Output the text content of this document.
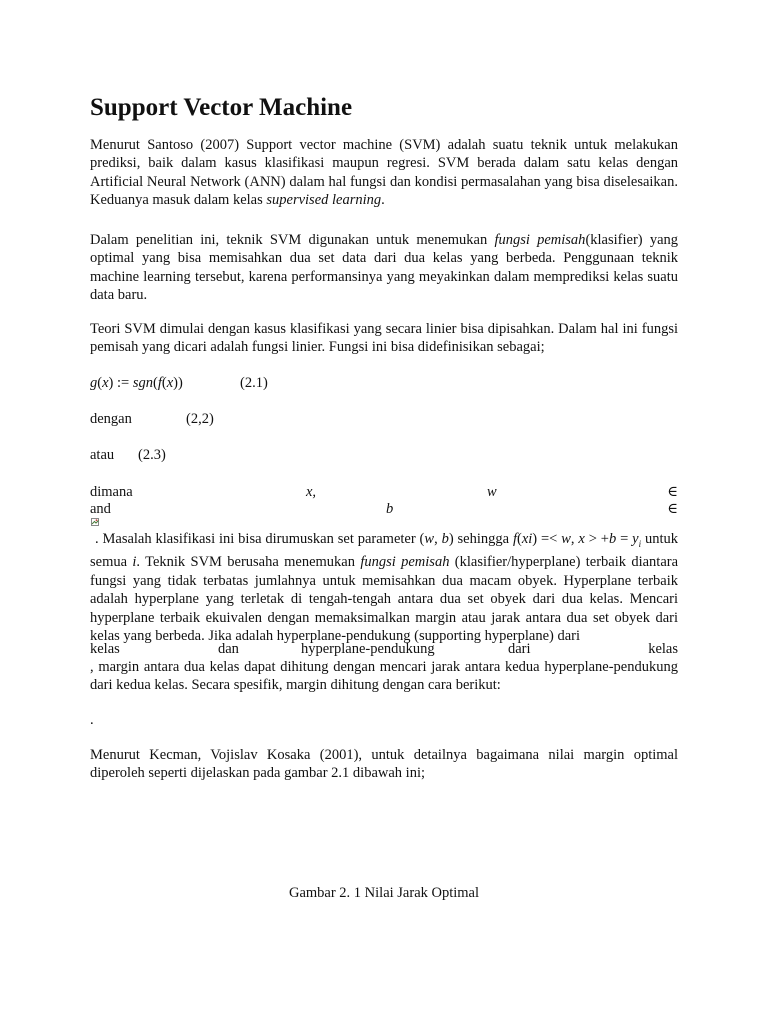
Support Vector Machine

Menurut Santoso (2007) Support vector machine (SVM) adalah suatu teknik untuk melakukan prediksi, baik dalam kasus klasifikasi maupun regresi. SVM berada dalam satu kelas dengan Artificial Neural Network (ANN) dalam hal fungsi dan kondisi permasalahan yang bisa diselesaikan. Keduanya masuk dalam kelas supervised learning.

Dalam penelitian ini, teknik SVM digunakan untuk menemukan fungsi pemisah(klasifier) yang optimal yang bisa memisahkan dua set data dari dua kelas yang berbeda. Penggunaan teknik machine learning tersebut, karena performansinya yang meyakinkan dalam memprediksi kelas suatu data baru.

Teori SVM dimulai dengan kasus klasifikasi yang secara linier bisa dipisahkan. Dalam hal ini fungsi pemisah yang dicari adalah fungsi linier. Fungsi ini bisa didefinisikan sebagai;

g(x) := sgn(f(x))	(2.1)
dengan	(2,2)
atau (2.3)
dimana	x,	w	∈
and	b	∈

. Masalah klasifikasi ini bisa dirumuskan set parameter (w, b) sehingga f(xi) =< w, $x > +b = y_i$ untuk semua i. Teknik SVM berusaha menemukan fungsi pemisah (klasifier/hyperplane) terbaik diantara fungsi yang tidak terbatas jumlahnya untuk memisahkan dua macam obyek. Hyperplane terbaik adalah hyperplane yang terletak di tengah-tengah antara dua set obyek dari dua kelas. Mencari hyperplane terbaik ekuivalen dengan memaksimalkan margin atau jarak antara dua set obyek dari kelas yang berbeda. Jika adalah hyperplane-pendukung (supporting hyperplane) dari

kelas	dan	hyperplane-pendukung	dari	kelas

, margin antara dua kelas dapat dihitung dengan mencari jarak antara kedua hyperplane-pendukung dari kedua kelas. Secara spesifik, margin dihitung dengan cara berikut:

.

Menurut Kecman, Vojislav Kosaka (2001), untuk detailnya bagaimana nilai margin optimal diperoleh seperti dijelaskan pada gambar 2.1 dibawah ini;

Gambar 2. 1 Nilai Jarak Optimal
